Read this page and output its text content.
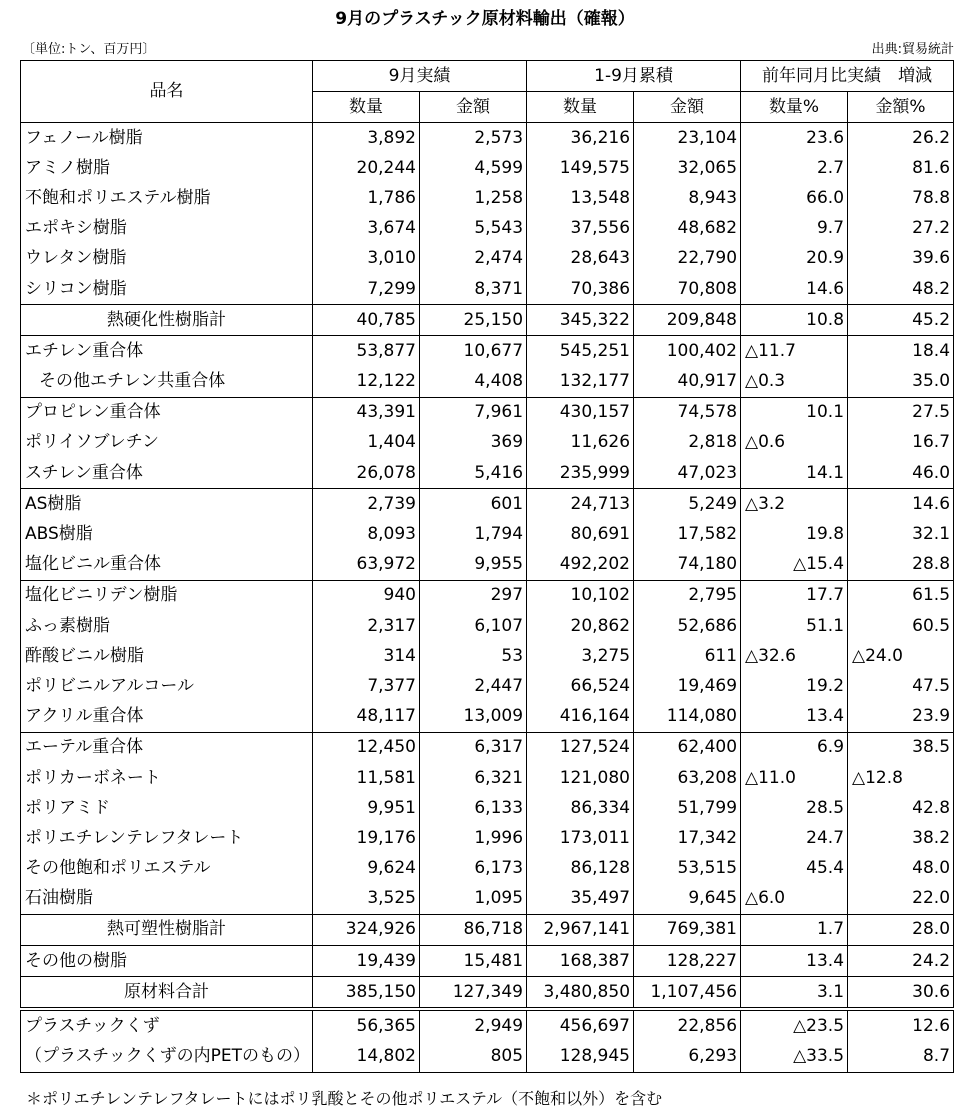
9月のプラスチック原材料輸出（確報）
〔単位:トン、百万円〕	出典:貿易統計
品名	9月実績		1-9月累積		前年同月比実績　増減	
	数量	金額	数量	金額	数量%	金額%
フェノール樹脂	3,892	2,573	36,216	23,104	23.6	26.2
アミノ樹脂	20,244	4,599	149,575	32,065	2.7	81.6
不飽和ポリエステル樹脂	1,786	1,258	13,548	8,943	66.0	78.8
エポキシ樹脂	3,674	5,543	37,556	48,682	9.7	27.2
ウレタン樹脂	3,010	2,474	28,643	22,790	20.9	39.6
シリコン樹脂	7,299	8,371	70,386	70,808	14.6	48.2
熱硬化性樹脂計	40,785	25,150	345,322	209,848	10.8	45.2
エチレン重合体	53,877	10,677	545,251	100,402	△11.7	18.4
その他エチレン共重合体	12,122	4,408	132,177	40,917	△0.3	35.0
プロピレン重合体	43,391	7,961	430,157	74,578	10.1	27.5
ポリイソブレチン	1,404	369	11,626	2,818	△0.6	16.7
スチレン重合体	26,078	5,416	235,999	47,023	14.1	46.0
AS樹脂	2,739	601	24,713	5,249	△3.2	14.6
ABS樹脂	8,093	1,794	80,691	17,582	19.8	32.1
塩化ビニル重合体	63,972	9,955	492,202	74,180	△15.4	28.8
塩化ビニリデン樹脂	940	297	10,102	2,795	17.7	61.5
ふっ素樹脂	2,317	6,107	20,862	52,686	51.1	60.5
酢酸ビニル樹脂	314	53	3,275	611	△32.6	△24.0
ポリビニルアルコール	7,377	2,447	66,524	19,469	19.2	47.5
アクリル重合体	48,117	13,009	416,164	114,080	13.4	23.9
エーテル重合体	12,450	6,317	127,524	62,400	6.9	38.5
ポリカーボネート	11,581	6,321	121,080	63,208	△11.0	△12.8
ポリアミド	9,951	6,133	86,334	51,799	28.5	42.8
ポリエチレンテレフタレート	19,176	1,996	173,011	17,342	24.7	38.2
その他飽和ポリエステル	9,624	6,173	86,128	53,515	45.4	48.0
石油樹脂	3,525	1,095	35,497	9,645	△6.0	22.0
熱可塑性樹脂計	324,926	86,718	2,967,141	769,381	1.7	28.0
その他の樹脂	19,439	15,481	168,387	128,227	13.4	24.2
原材料合計	385,150	127,349	3,480,850	1,107,456	3.1	30.6
プラスチックくず	56,365	2,949	456,697	22,856	△23.5	12.6
（プラスチックくずの内PETのもの）	14,802	805	128,945	6,293	△33.5	8.7
＊ポリエチレンテレフタレートにはポリ乳酸とその他ポリエステル（不飽和以外）を含む
